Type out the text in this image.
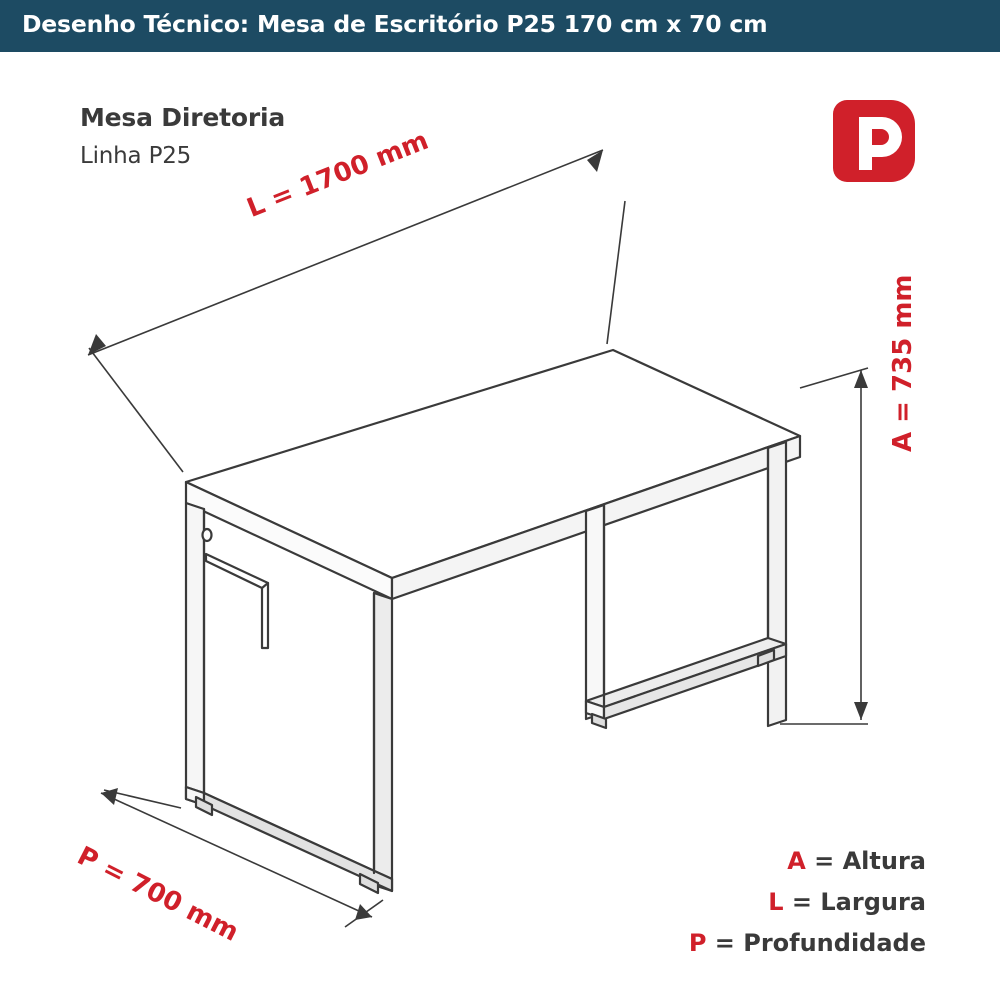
Desenho Técnico: Mesa de Escritório P25 170 cm x 70 cm
Mesa Diretoria
Linha P25 L = 1700 mm
P = 700 mm
A = 735 mm
A = Altura
L = Largura
P = Profundidade
